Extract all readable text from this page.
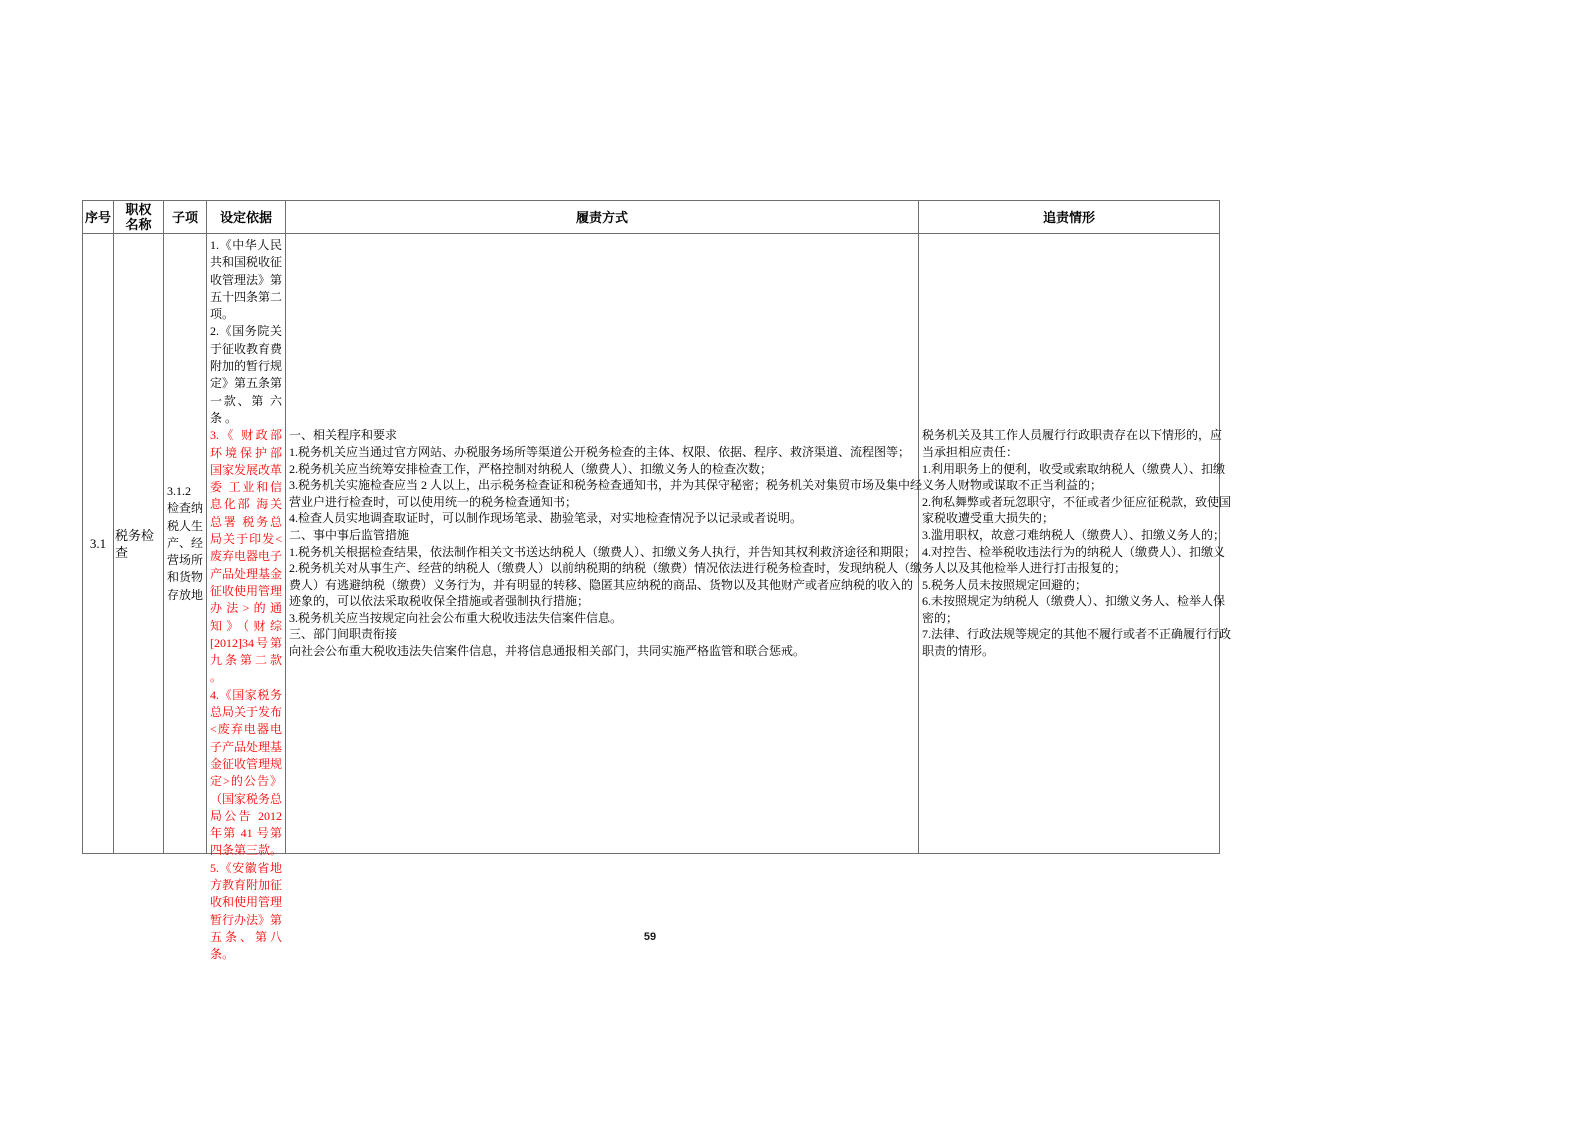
序号 职权名称 子项 设定依据	履责方式	追责情形
3.1
税务检查
3.1.2 检查纳税人生产、经营场所和货物存放地

1.《中华人民共和国税收征收管理法》第五十四条第二项。

2.《国务院关于征收教育费附加的暂行规定》第五条第一款、第 六 条 。

3.《 财政部 环境保护部 国家发展改革委 工业和信息化部 海关总署 税务总局关于印发<废弃电器电子产品处理基金征收使用管理办法>的通知》（财综[2012]34号第九条第二款 。

4.《国家税务总局关于发布<废弃电器电子产品处理基金征收管理规定>的公告》（国家税务总局公告 2012 年第 41 号第四条第三款。

5.《安徽省地方教育附加征收和使用管理暂行办法》第五条、第八条。

一、相关程序和要求

1.税务机关应当通过官方网站、办税服务场所等渠道公开税务检查的主体、权限、依据、程序、救济渠道、流程图等；

2.税务机关应当统筹安排检查工作，严格控制对纳税人（缴费人）、扣缴义务人的检查次数；

3.税务机关实施检查应当 2 人以上，出示税务检查证和税务检查通知书，并为其保守秘密；税务机关对集贸市场及集中经营业户进行检查时，可以使用统一的税务检查通知书；

4.检查人员实地调查取证时，可以制作现场笔录、勘验笔录，对实地检查情况予以记录或者说明。

二、事中事后监管措施

1.税务机关根据检查结果，依法制作相关文书送达纳税人（缴费人）、扣缴义务人执行，并告知其权利救济途径和期限；

2.税务机关对从事生产、经营的纳税人（缴费人）以前纳税期的纳税（缴费）情况依法进行税务检查时，发现纳税人（缴费人）有逃避纳税（缴费）义务行为，并有明显的转移、隐匿其应纳税的商品、货物以及其他财产或者应纳税的收入的迹象的，可以依法采取税收保全措施或者强制执行措施；

3.税务机关应当按规定向社会公布重大税收违法失信案件信息。

三、部门间职责衔接

向社会公布重大税收违法失信案件信息，并将信息通报相关部门，共同实施严格监管和联合惩戒。

税务机关及其工作人员履行行政职责存在以下情形的，应当承担相应责任：

1.利用职务上的便利，收受或索取纳税人（缴费人）、扣缴义务人财物或谋取不正当利益的；

2.徇私舞弊或者玩忽职守，不征或者少征应征税款，致使国家税收遭受重大损失的；

3.滥用职权，故意刁难纳税人（缴费人）、扣缴义务人的；

4.对控告、检举税收违法行为的纳税人（缴费人）、扣缴义务人以及其他检举人进行打击报复的；

5.税务人员未按照规定回避的；

6.未按照规定为纳税人（缴费人）、扣缴义务人、检举人保密的；

7.法律、行政法规等规定的其他不履行或者不正确履行行政职责的情形。

59
